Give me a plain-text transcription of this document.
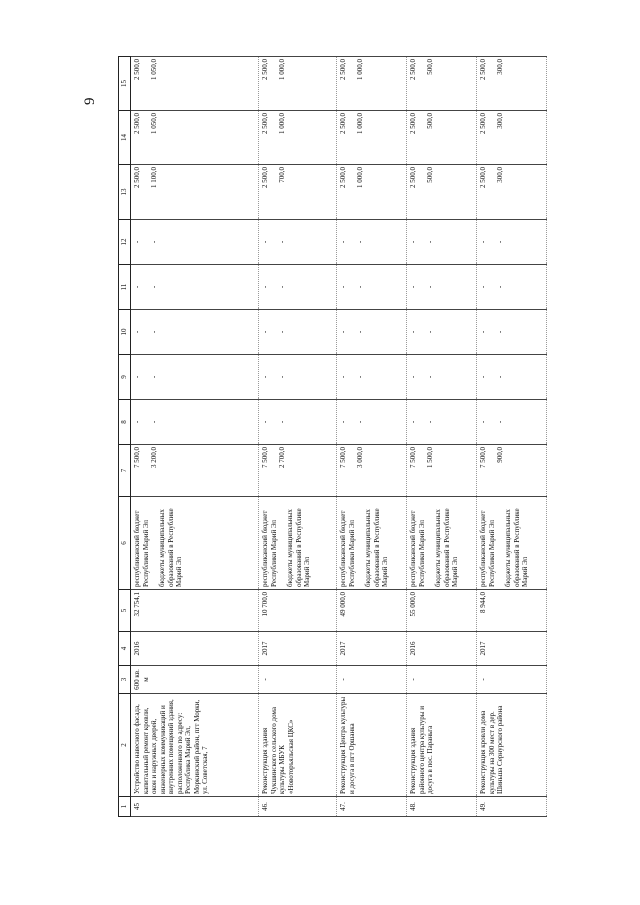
9
1	2	3	4	5	6	7	8	9	10	11	12	13	14	15

45	Устройство навесного фасада, капитальный ремонт кровли, окон и наружных дверей, инженерных коммуникаций и внутренних помещений здания, расположенного по адресу: Республика Марий Эл, Моркинский район, пгт Морки, ул. Советская, 7	600 кв. м	2016	32 754,1	республиканский бюджет Республики Марий Эл бюджеты муниципальных образований в Республике Марий Эл	7 500,0 3 200,0	- -	- -	- -	- -	- -	2 500,0 1 100,0	2 500,0 1 050,0	2 500,0 1 050,0

46.	Реконструкция здания Чукшинского сельского дома культуры МБУК «Новоторъяльская ЦКС»	-	2017	10 700,0	республиканский бюджет Республики Марий Эл бюджеты муниципальных образований в Республике Марий Эл	7 500,0 2 700,0	- -	- -	- -	- -	- -	2 500,0 700,0	2 500,0 1 000,0	2 500,0 1 000,0

47.	Реконструкция Центра культуры и досуга в пгт Оршанка	-	2017	49 000,0	республиканский бюджет Республики Марий Эл бюджеты муниципальных образований в Республике Марий Эл	7 500,0 3 000,0	- -	- -	- -	- -	- -	2 500,0 1 000,0	2 500,0 1 000,0	2 500,0 1 000,0

48.	Реконструкция здания районного центра культуры и досуга в пос. Параньга	-	2016	55 000,0	республиканский бюджет Республики Марий Эл бюджеты муниципальных образований в Республике Марий Эл	7 500,0 1 500,0	- -	- -	- -	- -	- -	2 500,0 500,0	2 500,0 500,0	2 500,0 500,0

49.	Реконструкция кровли дома культуры на 300 мест в дер. Шиньша Сернурского района	-	2017	8 944,0	республиканский бюджет Республики Марий Эл бюджеты муниципальных образований в Республике Марий Эл	7 500,0 900,0	- -	- -	- -	- -	- -	2 500,0 300,0	2 500,0 300,0	2 500,0 300,0
